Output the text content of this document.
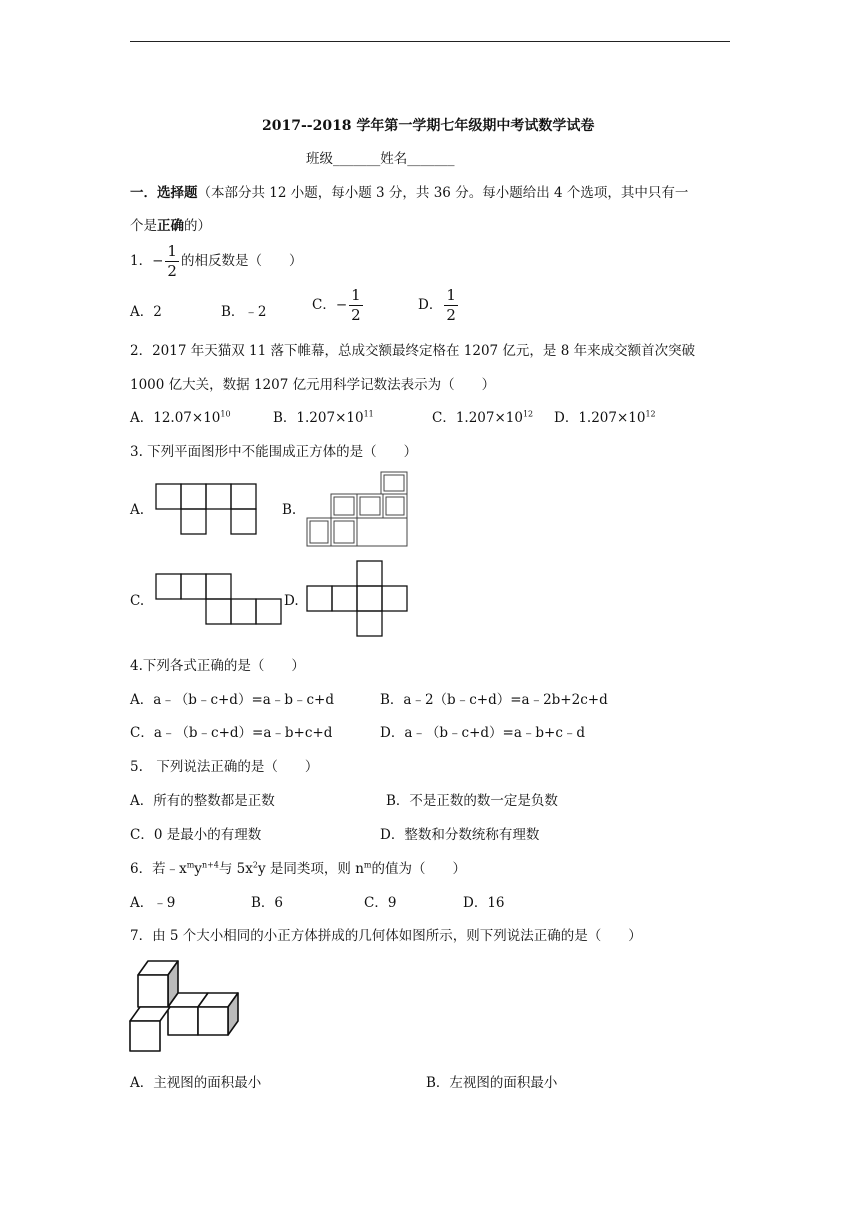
2017--2018 学年第一学期七年级期中考试数学试卷
班级_______姓名_______
一．选择题（本部分共 12 小题，每小题 3 分，共 36 分。每小题给出 4 个选项，其中只有一
个是正确的）
1．− $\frac{1}{2}$ 的相反数是（　　）
A．2	B．﹣2	C．− $\frac{1}{2}$	D． $\frac{1}{2}$
2．2017 年天猫双 11 落下帷幕，总成交额最终定格在 1207 亿元，是 8 年来成交额首次突破
1000 亿大关，数据 1207 亿元用科学记数法表示为（　　）
A．$12.07\times 10^{10}$	B．$1.207\times 10^{11}$	C．$1.207\times 10^{12}$ D．$1.207\times 10^{12}$
3. 下列平面图形中不能围成正方体的是（　　）
A.	B.
C.	D.
4.下列各式正确的是（　　）
A．a﹣（b﹣c+d）=a﹣b﹣c+d	B．a﹣2（b﹣c+d）=a﹣2b+2c+d
C．a﹣（b﹣c+d）=a﹣b+c+d	D．a﹣（b﹣c+d）=a﹣b+c﹣d
5.　下列说法正确的是（　　）
A．所有的整数都是正数	B．不是正数的数一定是负数
C．0 是最小的有理数	D．整数和分数统称有理数
6．若$﹣x^my^{n+4}$与 $5x^2y$ 是同类项，则 $n^m$的值为（　　）
A．﹣9	B．6	C．9	D．16
7．由 5 个大小相同的小正方体拼成的几何体如图所示，则下列说法正确的是（　　）
A．主视图的面积最小	B．左视图的面积最小
